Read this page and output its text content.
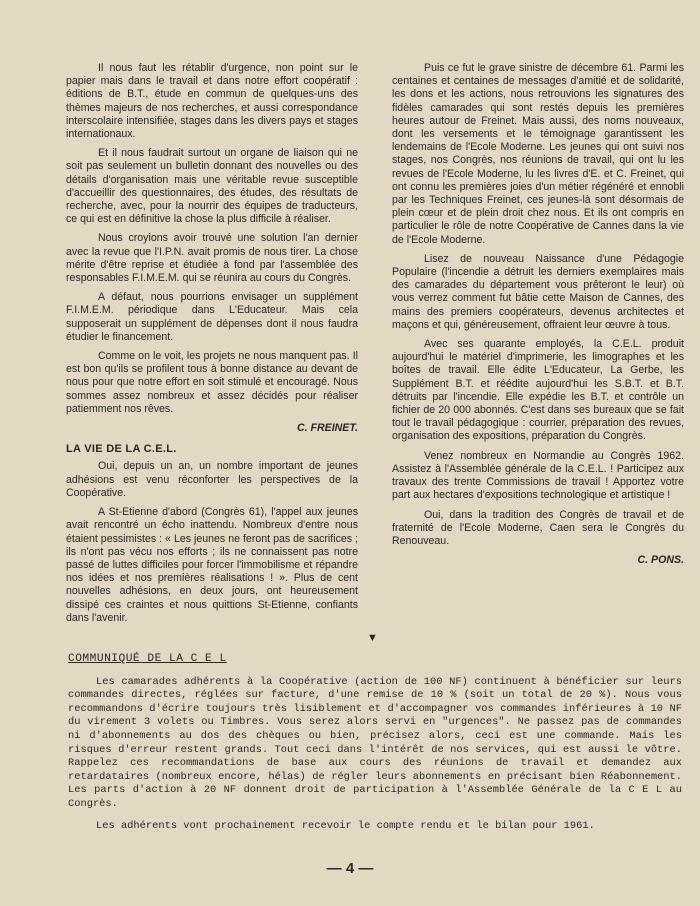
Il nous faut les rétablir d'urgence, non point sur le papier mais dans le travail et dans notre effort coopératif : éditions de B.T., étude en commun de quelques-uns des thèmes majeurs de nos recherches, et aussi correspondance interscolaire intensifiée, stages dans les divers pays et stages internationaux.

Et il nous faudrait surtout un organe de liaison qui ne soit pas seulement un bulletin donnant des nouvelles ou des détails d'organisation mais une véritable revue susceptible d'accueillir des questionnaires, des études, des résultats de recherche, avec, pour la nourrir des équipes de traducteurs, ce qui est en définitive la chose la plus difficile à réaliser.

Nous croyions avoir trouvé une solution l'an dernier avec la revue que l'I.P.N. avait promis de nous tirer. La chose mérite d'être reprise et étudiée à fond par l'assemblée des responsables F.I.M.E.M. qui se réunira au cours du Congrès.

A défaut, nous pourrions envisager un supplément F.I.M.E.M. périodique dans L'Educateur. Mais cela supposerait un supplément de dépenses dont il nous faudra étudier le financement.

Comme on le voit, les projets ne nous manquent pas. Il est bon qu'ils se profilent tous à bonne distance au devant de nous pour que notre effort en soit stimulé et encouragé. Nous sommes assez nombreux et assez décidés pour réaliser patiemment nos rêves.

C. FREINET.
LA VIE DE LA C.E.L.

Oui, depuis un an, un nombre important de jeunes adhésions est venu réconforter les perspectives de la Coopérative.

A St-Etienne d'abord (Congrès 61), l'appel aux jeunes avait rencontré un écho inattendu. Nombreux d'entre nous étaient pessimistes : « Les jeunes ne feront pas de sacrifices ; ils n'ont pas vécu nos efforts ; ils ne connaissent pas notre passé de luttes difficiles pour forcer l'immobilisme et répandre nos idées et nos premières réalisations ! ». Plus de cent nouvelles adhésions, en deux jours, ont heureusement dissipé ces craintes et nous quittions St-Etienne, confiants dans l'avenir.

Puis ce fut le grave sinistre de décembre 61. Parmi les centaines et centaines de messages d'amitié et de solidarité, les dons et les actions, nous retrouvions les signatures des fidèles camarades qui sont restés depuis les premières heures autour de Freinet. Mais aussi, des noms nouveaux, dont les versements et le témoignage garantissent les lendemains de l'Ecole Moderne. Les jeunes qui ont suivi nos stages, nos Congrès, nos réunions de travail, qui ont lu les revues de l'Ecole Moderne, lu les livres d'E. et C. Freinet, qui ont connu les premières joies d'un métier régénéré et ennobli par les Techniques Freinet, ces jeunes-là sont désormais de plein cœur et de plein droit chez nous. Et ils ont compris en particulier le rôle de notre Coopérative de Cannes dans la vie de l'Ecole Moderne.

Lisez de nouveau Naissance d'une Pédagogie Populaire (l'incendie a détruit les derniers exemplaires mais des camarades du département vous prêteront le leur) où vous verrez comment fut bâtie cette Maison de Cannes, des mains des premiers coopérateurs, devenus architectes et maçons et qui, généreusement, offraient leur œuvre à tous.

Avec ses quarante employés, la C.E.L. produit aujourd'hui le matériel d'imprimerie, les limographes et les boîtes de travail. Elle édite L'Educateur, La Gerbe, les Supplément B.T. et réédite aujourd'hui les S.B.T. et B.T. détruits par l'incendie. Elle expédie les B.T. et contrôle un fichier de 20 000 abonnés. C'est dans ses bureaux que se fait tout le travail pédagogique : courrier, préparation des revues, organisation des expositions, préparation du Congrès.

Venez nombreux en Normandie au Congrès 1962. Assistez à l'Assemblée générale de la C.E.L. ! Participez aux travaux des trente Commissions de travail ! Apportez votre part aux hectares d'expositions technologique et artistique !

Oui, dans la tradition des Congrès de travail et de fraternité de l'Ecole Moderne, Caen sera le Congrès du Renouveau.

C. PONS.
▼
COMMUNIQUÉ DE LA C E L

Les camarades adhérents à la Coopérative (action de 100 NF) continuent à bénéficier sur leurs commandes directes, réglées sur facture, d'une remise de 10 % (soit un total de 20 %). Nous vous recommandons d'écrire toujours très lisiblement et d'accompagner vos commandes inférieures à 10 NF du virement 3 volets ou Timbres. Vous serez alors servi en "urgences". Ne passez pas de commandes ni d'abonnements au dos des chèques ou bien, précisez alors, ceci est une commande. Mais les risques d'erreur restent grands. Tout ceci dans l'intérêt de nos services, qui est aussi le vôtre. Rappelez ces recommandations de base aux cours des réunions de travail et demandez aux retardataires (nombreux encore, hélas) de régler leurs abonnements en précisant bien Réabonnement. Les parts d'action à 20 NF donnent droit de participation à l'Assemblée Générale de la C E L au Congrès.

Les adhérents vont prochainement recevoir le compte rendu et le bilan pour 1961.

— 4 —
